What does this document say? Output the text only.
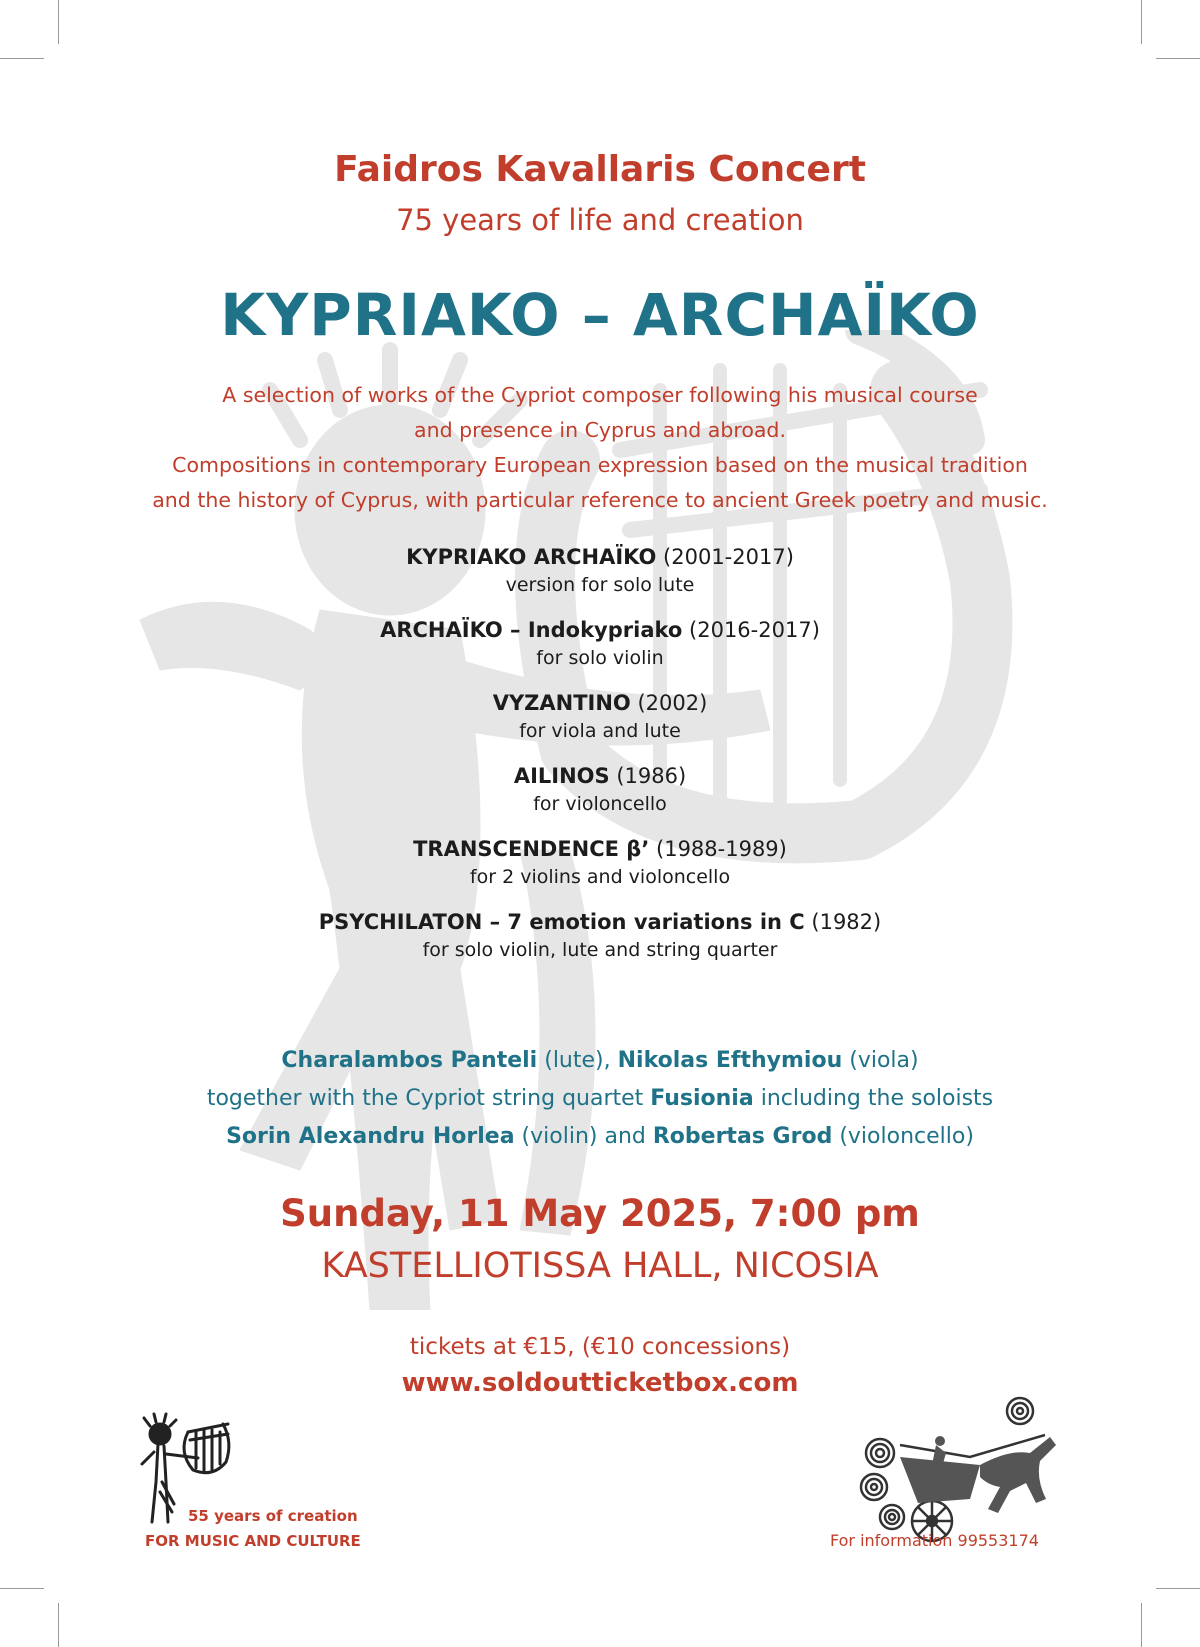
Faidros Kavallaris Concert
75 years of life and creation
KYPRIAKO – ARCHAÏKO
A selection of works of the Cypriot composer following his musical course
and presence in Cyprus and abroad.
Compositions in contemporary European expression based on the musical tradition
and the history of Cyprus, with particular reference to ancient Greek poetry and music.
KYPRIAKO ARCHAÏKO (2001-2017)
version for solo lute
ARCHAÏKO – Indokypriako (2016-2017)
for solo violin
VYZANTINO (2002)
for viola and lute
AILINOS (1986)
for violoncello
TRANSCENDENCE β’ (1988-1989)
for 2 violins and violoncello
PSYCHILATON – 7 emotion variations in C (1982)
for solo violin, lute and string quarter
Charalambos Panteli (lute), Nikolas Efthymiou (viola)
together with the Cypriot string quartet Fusionia including the soloists
Sorin Alexandru Horlea (violin) and Robertas Grod (violoncello)
Sunday, 11 May 2025, 7:00 pm
KASTELLIOTISSA HALL, NICOSIA
tickets at €15, (€10 concessions)
www.soldoutticketbox.com
55 years of creation
FOR MUSIC AND CULTURE	For information 99553174
